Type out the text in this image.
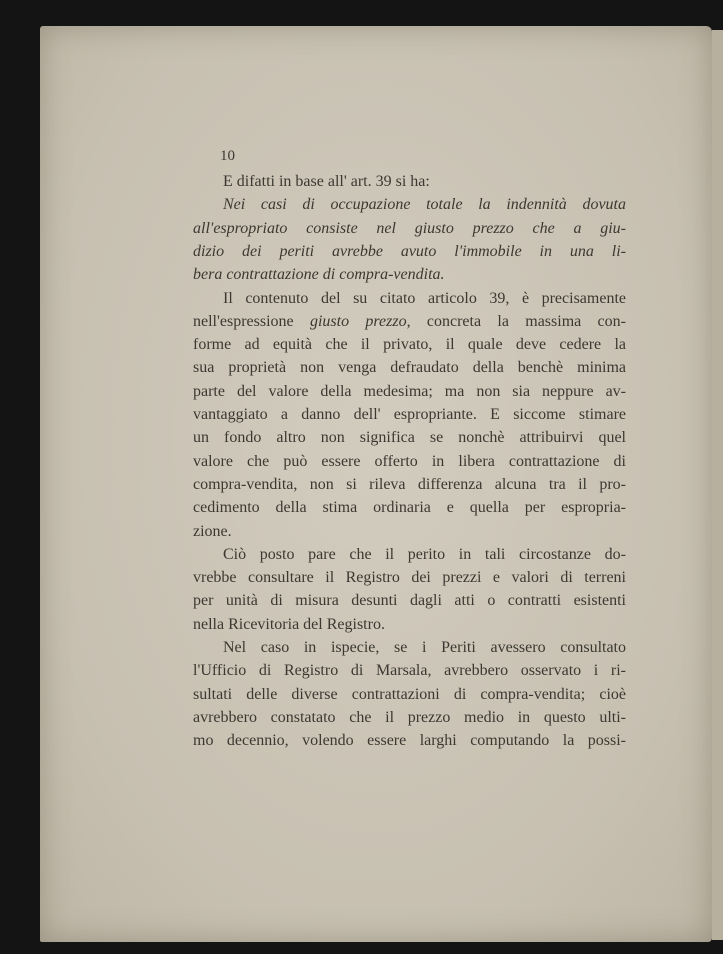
10
E difatti in base all' art. 39 si ha:
Nei casi di occupazione totale la indennità dovuta
all'espropriato consiste nel giusto prezzo che a giu-
dizio dei periti avrebbe avuto l'immobile in una li-
bera contrattazione di compra-vendita.
Il contenuto del su citato articolo 39, è precisamente
nell'espressione giusto prezzo, concreta la massima con-
forme ad equità che il privato, il quale deve cedere la
sua proprietà non venga defraudato della benchè minima
parte del valore della medesima; ma non sia neppure av-
vantaggiato a danno dell' espropriante. E siccome stimare
un fondo altro non significa se nonchè attribuirvi quel
valore che può essere offerto in libera contrattazione di
compra-vendita, non si rileva differenza alcuna tra il pro-
cedimento della stima ordinaria e quella per espropria-
zione.
Ciò posto pare che il perito in tali circostanze do-
vrebbe consultare il Registro dei prezzi e valori di terreni
per unità di misura desunti dagli atti o contratti esistenti
nella Ricevitoria del Registro.
Nel caso in ispecie, se i Periti avessero consultato
l'Ufficio di Registro di Marsala, avrebbero osservato i ri-
sultati delle diverse contrattazioni di compra-vendita; cioè
avrebbero constatato che il prezzo medio in questo ulti-
mo decennio, volendo essere larghi computando la possi-
